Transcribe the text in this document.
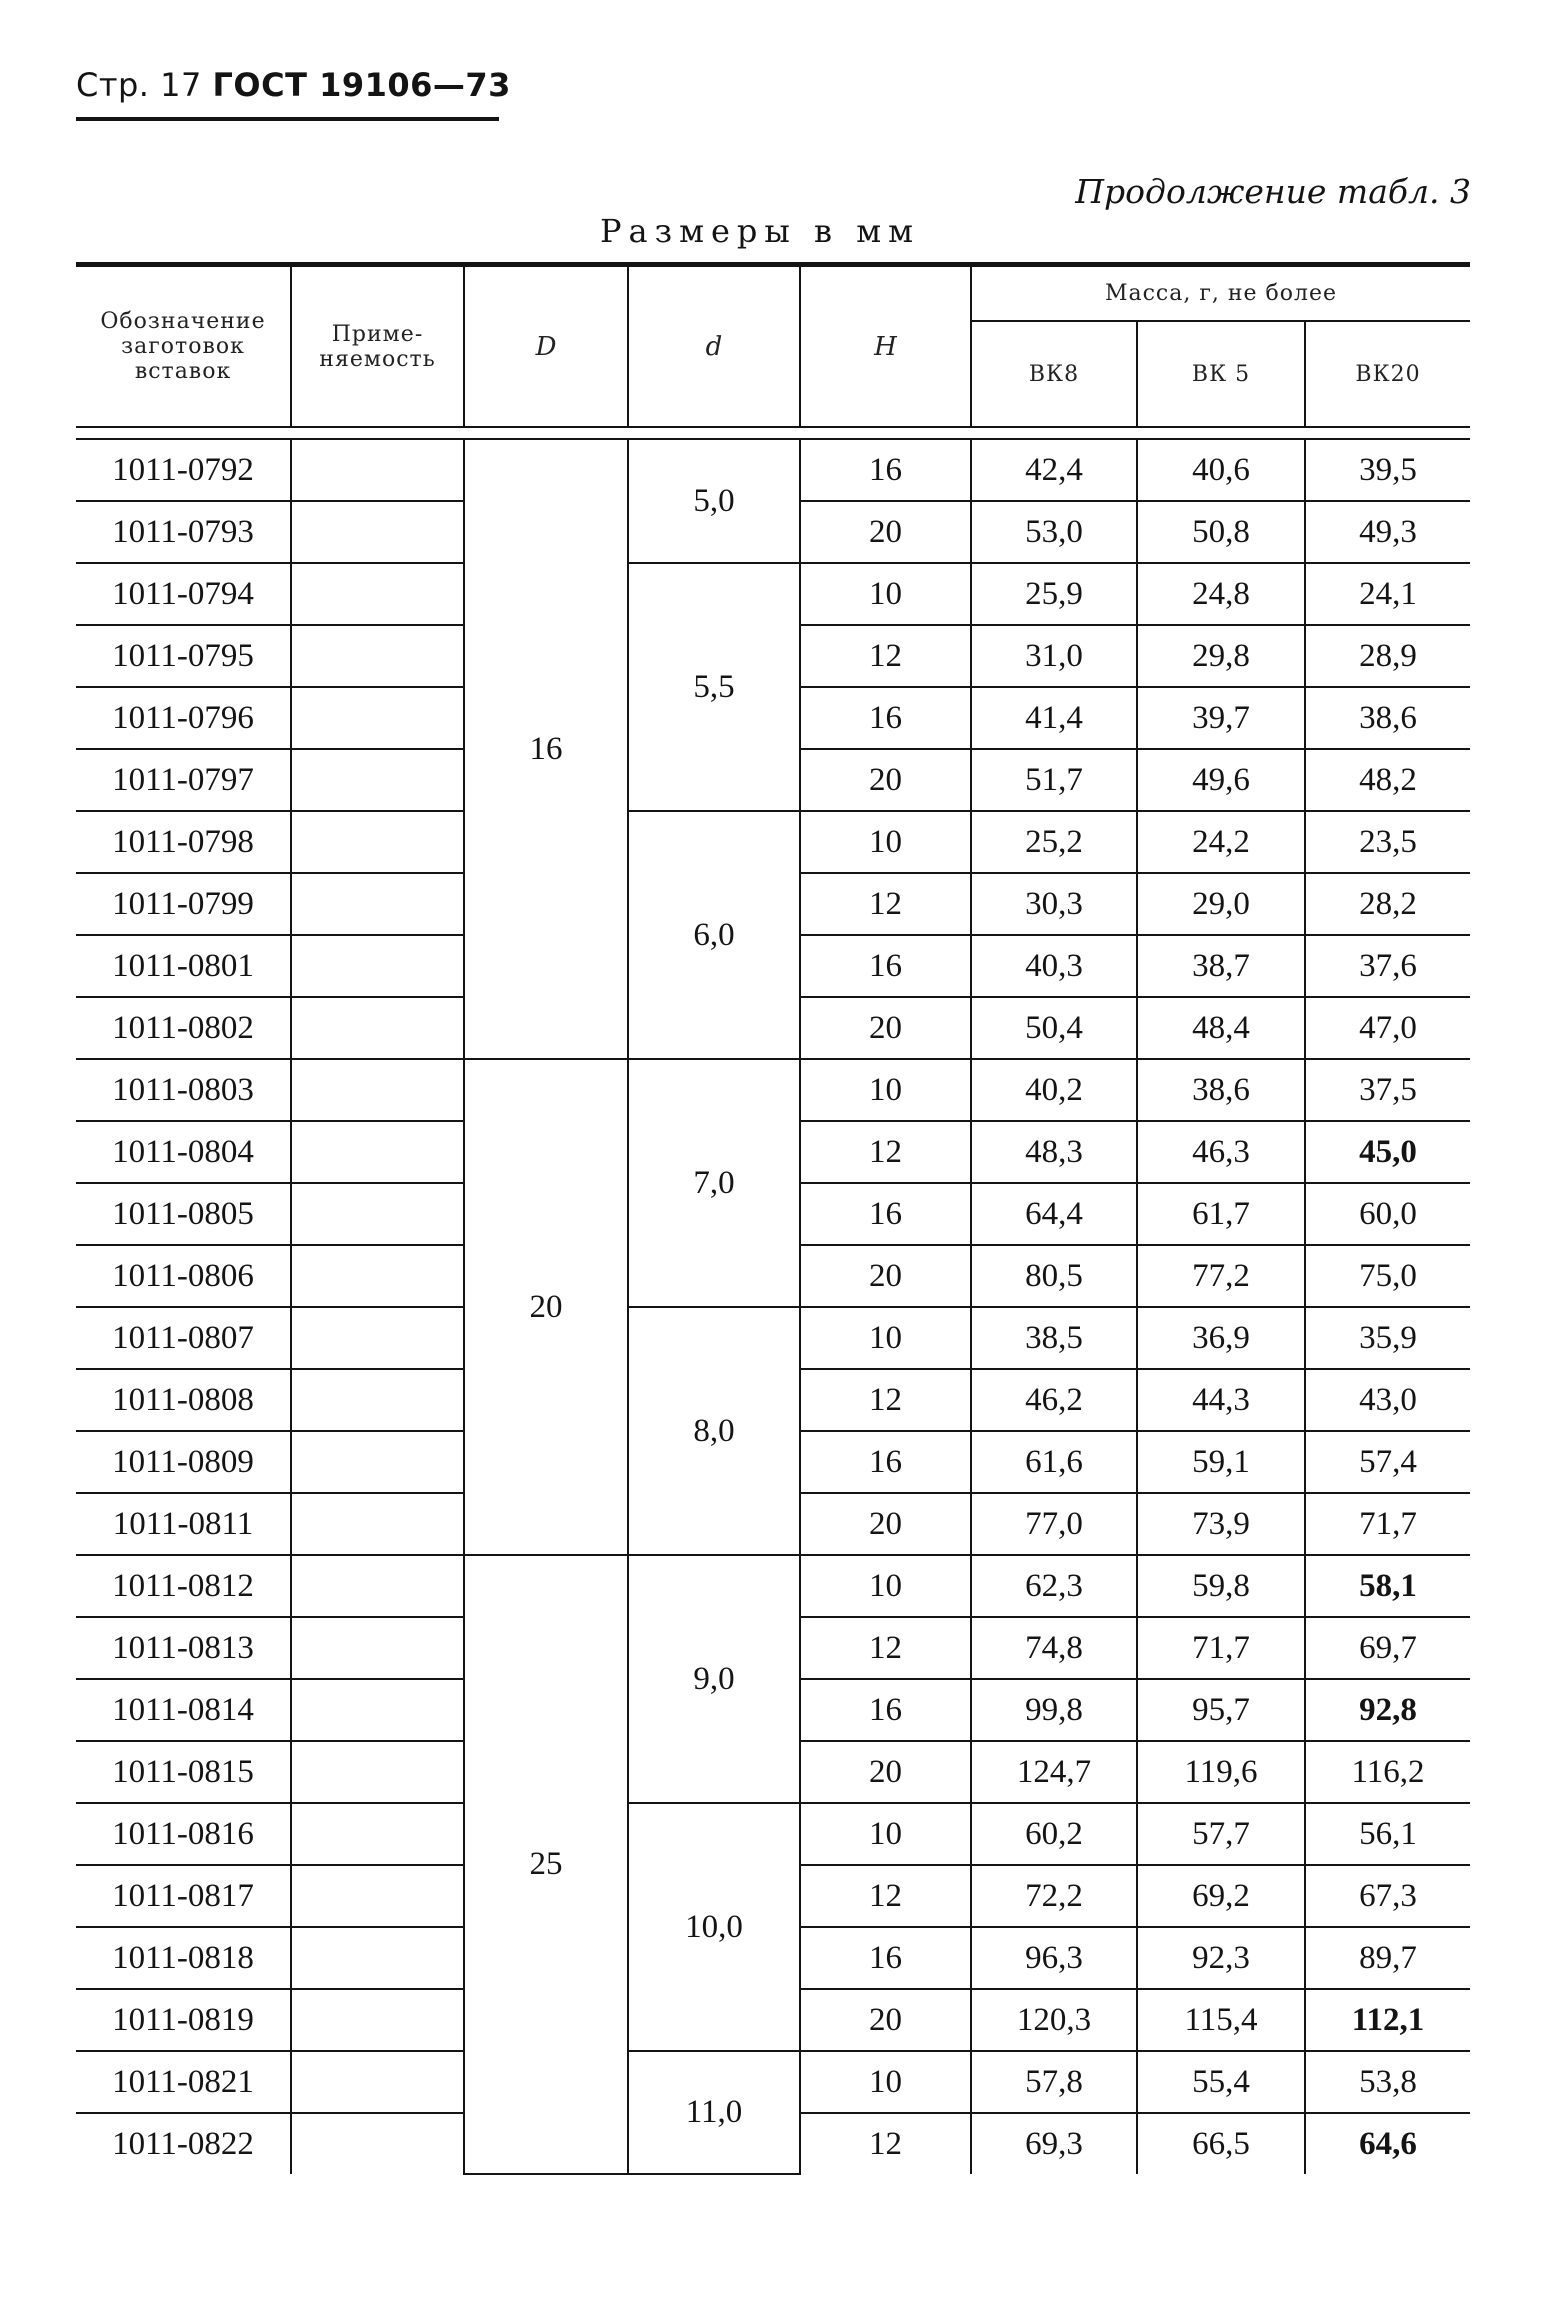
Стр. 17 ГОСТ 19106—73
Продолжение табл. 3
Размеры в мм
Обозначение заготовок вставок	Приме-няемость	D	d	H	Масса, г, не более		
					ВК8	ВК 5	ВК20

1011-0792		16	5,0	16	42,4	40,6	39,5
1011-0793				20	53,0	50,8	49,3
1011-0794			5,5	10	25,9	24,8	24,1
1011-0795				12	31,0	29,8	28,9
1011-0796				16	41,4	39,7	38,6
1011-0797				20	51,7	49,6	48,2
1011-0798			6,0	10	25,2	24,2	23,5
1011-0799				12	30,3	29,0	28,2
1011-0801				16	40,3	38,7	37,6
1011-0802				20	50,4	48,4	47,0
1011-0803		20	7,0	10	40,2	38,6	37,5
1011-0804				12	48,3	46,3	45,0
1011-0805				16	64,4	61,7	60,0
1011-0806				20	80,5	77,2	75,0
1011-0807			8,0	10	38,5	36,9	35,9
1011-0808				12	46,2	44,3	43,0
1011-0809				16	61,6	59,1	57,4
1011-0811				20	77,0	73,9	71,7
1011-0812		25	9,0	10	62,3	59,8	58,1
1011-0813				12	74,8	71,7	69,7
1011-0814				16	99,8	95,7	92,8
1011-0815				20	124,7	119,6	116,2
1011-0816			10,0	10	60,2	57,7	56,1
1011-0817				12	72,2	69,2	67,3
1011-0818				16	96,3	92,3	89,7
1011-0819				20	120,3	115,4	112,1
1011-0821			11,0	10	57,8	55,4	53,8
1011-0822				12	69,3	66,5	64,6
